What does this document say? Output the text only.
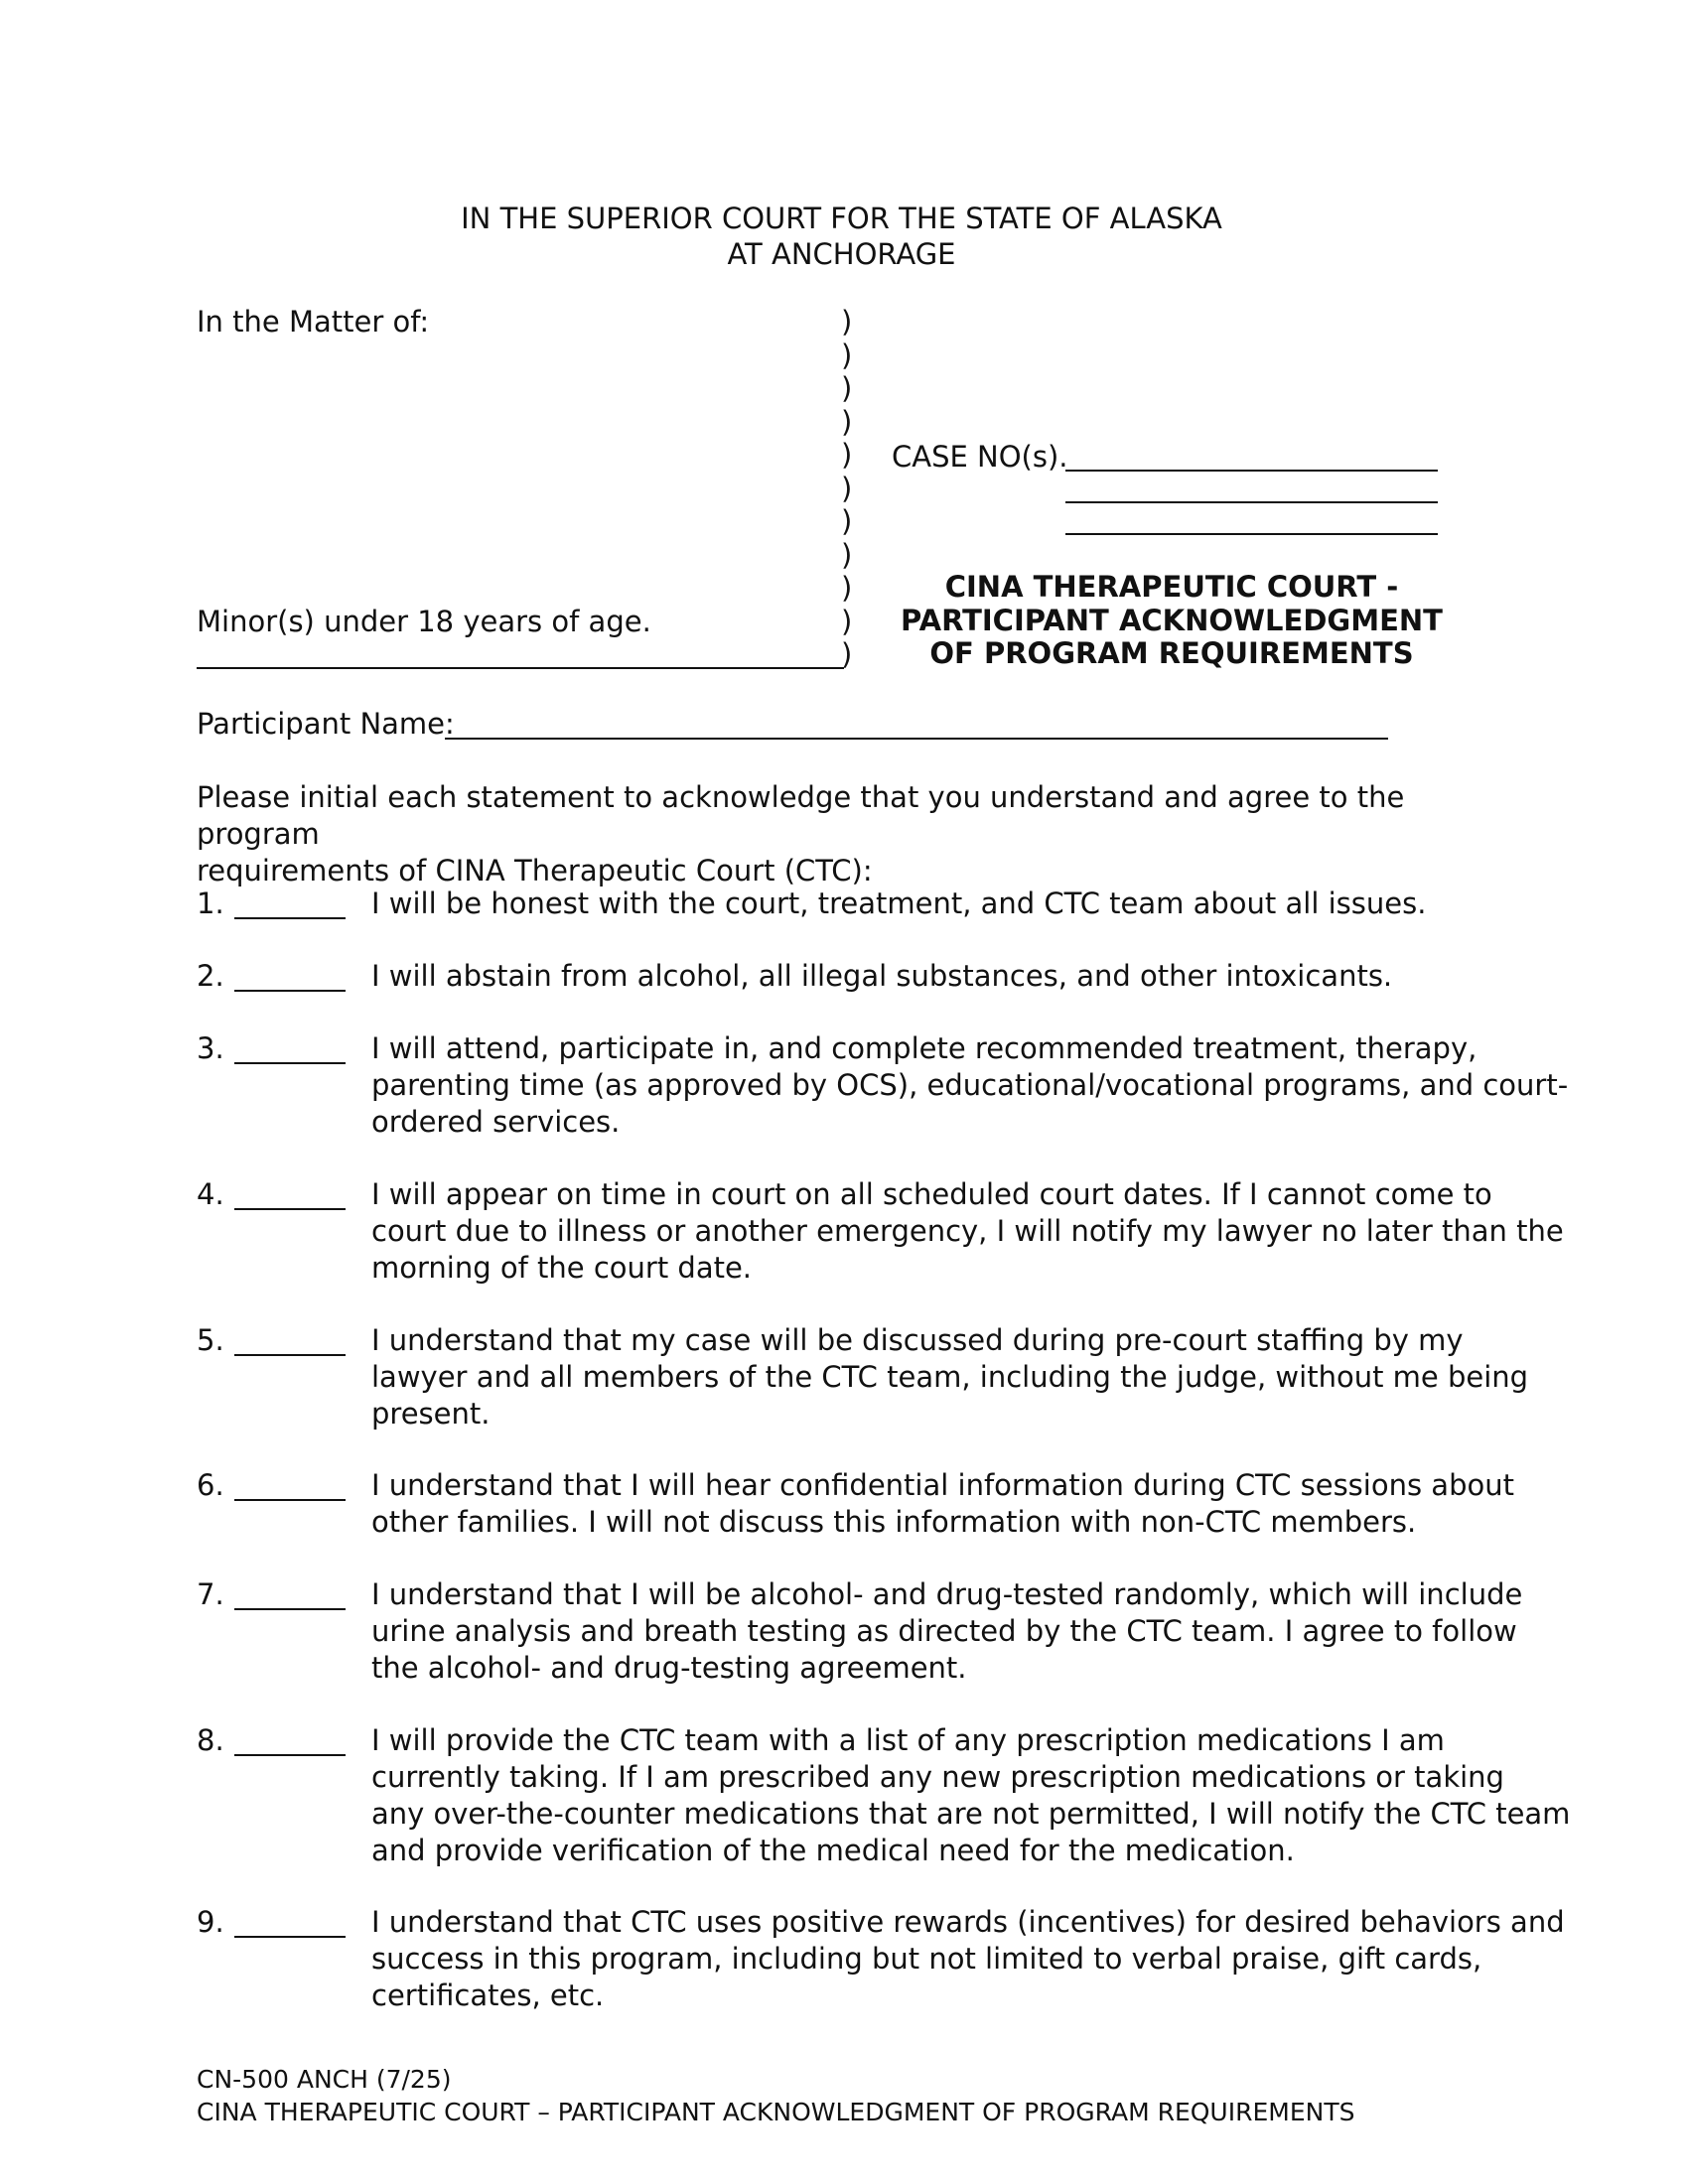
IN THE SUPERIOR COURT FOR THE STATE OF ALASKA
AT ANCHORAGE
In the Matter of:
Minor(s) under 18 years of age.
)
)
)
)
)
)
)
)
)
)
)
CASE NO(s).
CINA THERAPEUTIC COURT -
PARTICIPANT ACKNOWLEDGMENT
OF PROGRAM REQUIREMENTS
Participant Name:
Please initial each statement to acknowledge that you understand and agree to the program
requirements of CINA Therapeutic Court (CTC):
1.	I will be honest with the court, treatment, and CTC team about all issues.
2.	I will abstain from alcohol, all illegal substances, and other intoxicants.
3.	I will attend, participate in, and complete recommended treatment, therapy,
parenting time (as approved by OCS), educational/vocational programs, and court-
ordered services.
4.	I will appear on time in court on all scheduled court dates. If I cannot come to
court due to illness or another emergency, I will notify my lawyer no later than the
morning of the court date.
5.	I understand that my case will be discussed during pre-court staffing by my
lawyer and all members of the CTC team, including the judge, without me being
present.
6.	I understand that I will hear confidential information during CTC sessions about
other families. I will not discuss this information with non-CTC members.
7.	I understand that I will be alcohol- and drug-tested randomly, which will include
urine analysis and breath testing as directed by the CTC team. I agree to follow
the alcohol- and drug-testing agreement.
8.	I will provide the CTC team with a list of any prescription medications I am
currently taking. If I am prescribed any new prescription medications or taking
any over-the-counter medications that are not permitted, I will notify the CTC team
and provide verification of the medical need for the medication.
9.	I understand that CTC uses positive rewards (incentives) for desired behaviors and
success in this program, including but not limited to verbal praise, gift cards,
certificates, etc.
CN-500 ANCH (7/25)
CINA THERAPEUTIC COURT – PARTICIPANT ACKNOWLEDGMENT OF PROGRAM REQUIREMENTS
